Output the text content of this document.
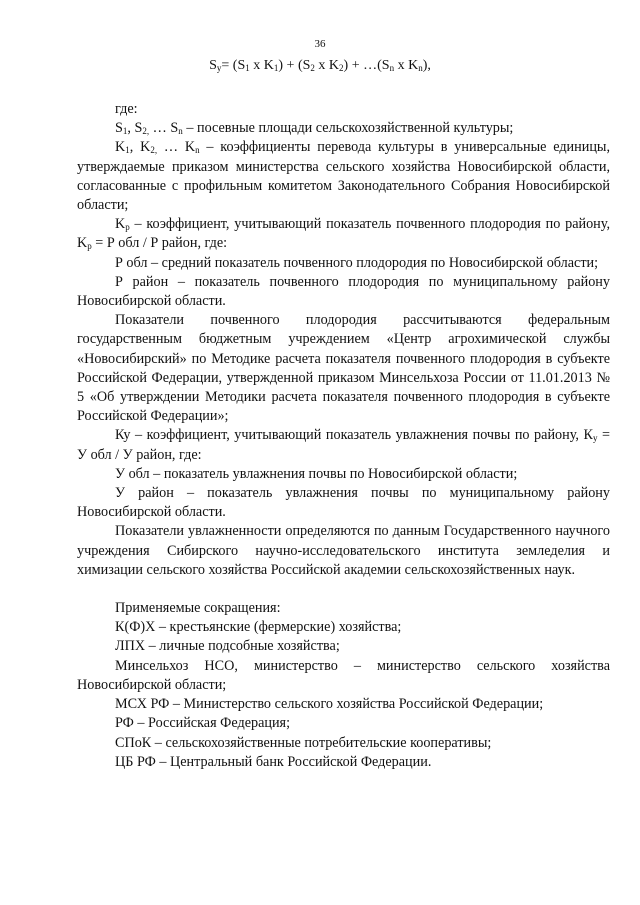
36
$S_y= (S_1$ x $K_1) + (S_2$ x $K_2$) + $\dots(S_n$ x $K_n$),

где:

$S_1$, $S_{2,}$ … $S_n$ – посевные площади сельскохозяйственной культуры;

$K_1$, $K_{2,}$ … $K_n$ – коэффициенты перевода культуры в универсальные единицы, утверждаемые приказом министерства сельского хозяйства Новосибирской области, согласованные с профильным комитетом Законодательного Собрания Новосибирской области;

$K_р$ – коэффициент, учитывающий показатель почвенного плодородия по району, $K_р = Р$ обл / Р район, где:

Р обл – средний показатель почвенного плодородия по Новосибирской области;

Р район – показатель почвенного плодородия по муниципальному району Новосибирской области.

Показатели почвенного плодородия рассчитываются федеральным государственным бюджетным учреждением «Центр агрохимической службы «Новосибирский» по Методике расчета показателя почвенного плодородия в субъекте Российской Федерации, утвержденной приказом Минсельхоза России от 11.01.2013 № 5 «Об утверждении Методики расчета показателя почвенного плодородия в субъекте Российской Федерации»;

Ку – коэффициент, учитывающий показатель увлажнения почвы по району, $К_у = У$ обл / У район, где:

У обл – показатель увлажнения почвы по Новосибирской области;

У район – показатель увлажнения почвы по муниципальному району Новосибирской области.

Показатели увлажненности определяются по данным Государственного научного учреждения Сибирского научно-исследовательского института земледелия и химизации сельского хозяйства Российской академии сельскохозяйственных наук.

Применяемые сокращения:

К(Ф)Х – крестьянские (фермерские) хозяйства;

ЛПХ – личные подсобные хозяйства;

Минсельхоз НСО, министерство – министерство сельского хозяйства Новосибирской области;

МСХ РФ – Министерство сельского хозяйства Российской Федерации;

РФ – Российская Федерация;

СПоК – сельскохозяйственные потребительские кооперативы;

ЦБ РФ – Центральный банк Российской Федерации.
